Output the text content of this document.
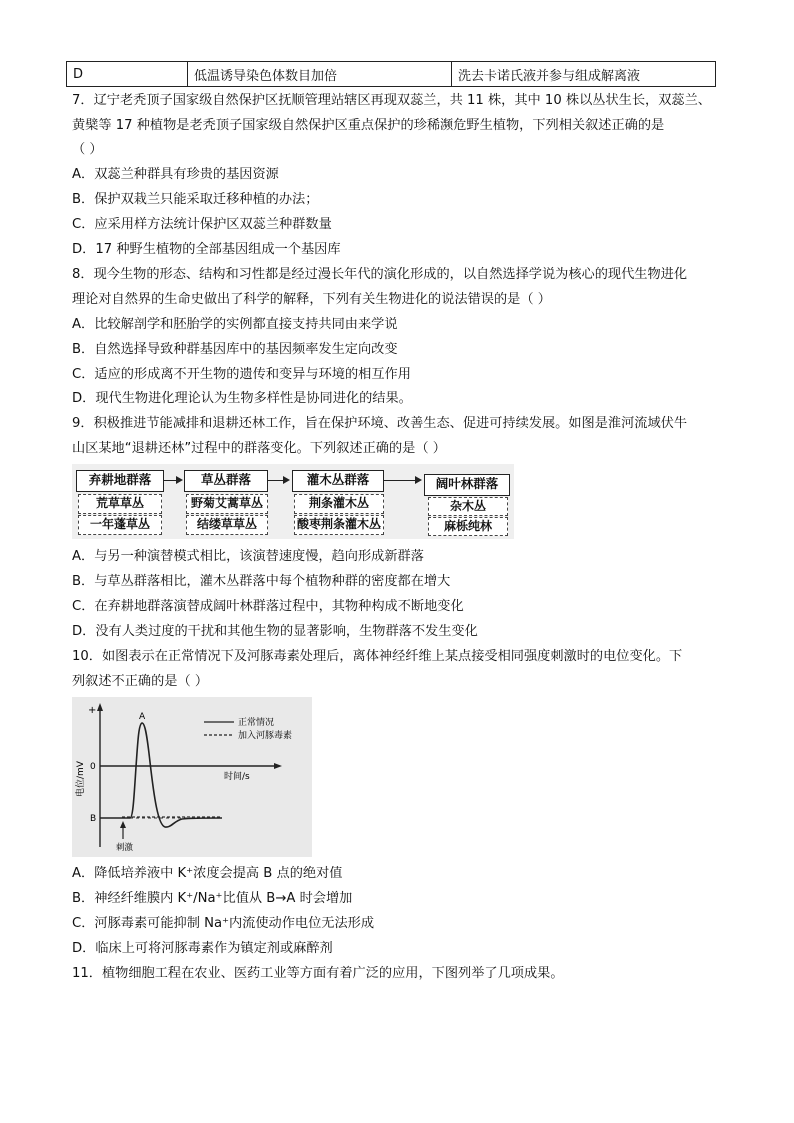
D	低温诱导染色体数目加倍	洗去卡诺氏液并参与组成解离液
7．辽宁老秃顶子国家级自然保护区抚顺管理站辖区再现双蕊兰，共 11 株，其中 10 株以丛状生长，双蕊兰、
黄檗等 17 种植物是老秃顶子国家级自然保护区重点保护的珍稀濒危野生植物，下列相关叙述正确的是
（ ）
A．双蕊兰种群具有珍贵的基因资源
B．保护双栽兰只能采取迁移种植的办法；
C．应采用样方法统计保护区双蕊兰种群数量
D．17 种野生植物的全部基因组成一个基因库
8．现今生物的形态、结构和习性都是经过漫长年代的演化形成的，以自然选择学说为核心的现代生物进化
理论对自然界的生命史做出了科学的解释，下列有关生物进化的说法错误的是（ ）
A．比较解剖学和胚胎学的实例都直接支持共同由来学说
B．自然选择导致种群基因库中的基因频率发生定向改变
C．适应的形成离不开生物的遗传和变异与环境的相互作用
D．现代生物进化理论认为生物多样性是协同进化的结果。
9．积极推进节能减排和退耕还林工作，旨在保护环境、改善生态、促进可持续发展。如图是淮河流域伏牛
山区某地“退耕还林”过程中的群落变化。下列叙述正确的是（ ）
弃耕地群落
荒草草丛
一年蓬草丛
草丛群落
野菊艾蒿草丛
结缕草草丛
灌木丛群落
荆条灌木丛
酸枣荆条灌木丛
阔叶林群落
杂木丛
麻栎纯林
A．与另一种演替模式相比，该演替速度慢，趋向形成新群落
B．与草丛群落相比，灌木丛群落中每个植物种群的密度都在增大
C．在弃耕地群落演替成阔叶林群落过程中，其物种构成不断地变化
D．没有人类过度的干扰和其他生物的显著影响，生物群落不发生变化
10．如图表示在正常情况下及河豚毒素处理后，离体神经纤维上某点接受相同强度刺激时的电位变化。下
列叙述不正确的是（ ）
+
0
A
B
时间/s
电位/mV
刺激
正常情况
加入河豚毒素
A．降低培养液中 K⁺浓度会提高 B 点的绝对值
B．神经纤维膜内 K⁺/Na⁺比值从 B→A 时会增加
C．河豚毒素可能抑制 Na⁺内流使动作电位无法形成
D．临床上可将河豚毒素作为镇定剂或麻醉剂
11．植物细胞工程在农业、医药工业等方面有着广泛的应用，下图列举了几项成果。
